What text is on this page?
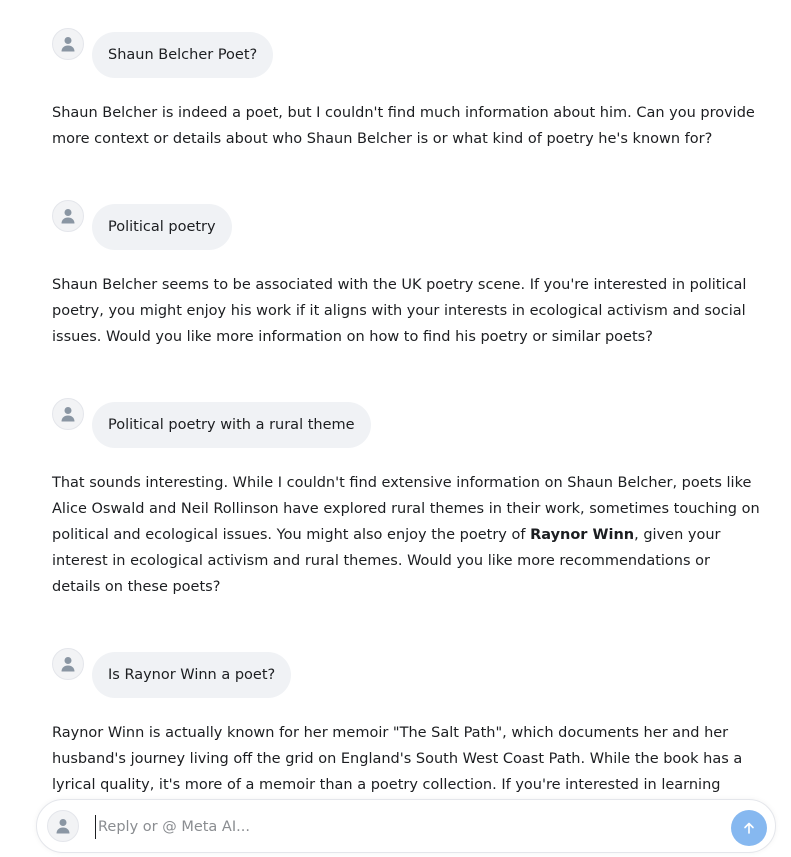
Shaun Belcher Poet?

Shaun Belcher is indeed a poet, but I couldn't find much information about him. Can you provide more context or details about who Shaun Belcher is or what kind of poetry he's known for?

Political poetry

Shaun Belcher seems to be associated with the UK poetry scene. If you're interested in political poetry, you might enjoy his work if it aligns with your interests in ecological activism and social issues. Would you like more information on how to find his poetry or similar poets?

Political poetry with a rural theme

That sounds interesting. While I couldn't find extensive information on Shaun Belcher, poets like Alice Oswald and Neil Rollinson have explored rural themes in their work, sometimes touching on political and ecological issues. You might also enjoy the poetry of Raynor Winn, given your interest in ecological activism and rural themes. Would you like more recommendations or details on these poets?

Is Raynor Winn a poet?

Raynor Winn is actually known for her memoir "The Salt Path", which documents her and her husband's journey living off the grid on England's South West Coast Path. While the book has a lyrical quality, it's more of a memoir than a poetry collection. If you're interested in learning

Reply or @ Meta AI...
